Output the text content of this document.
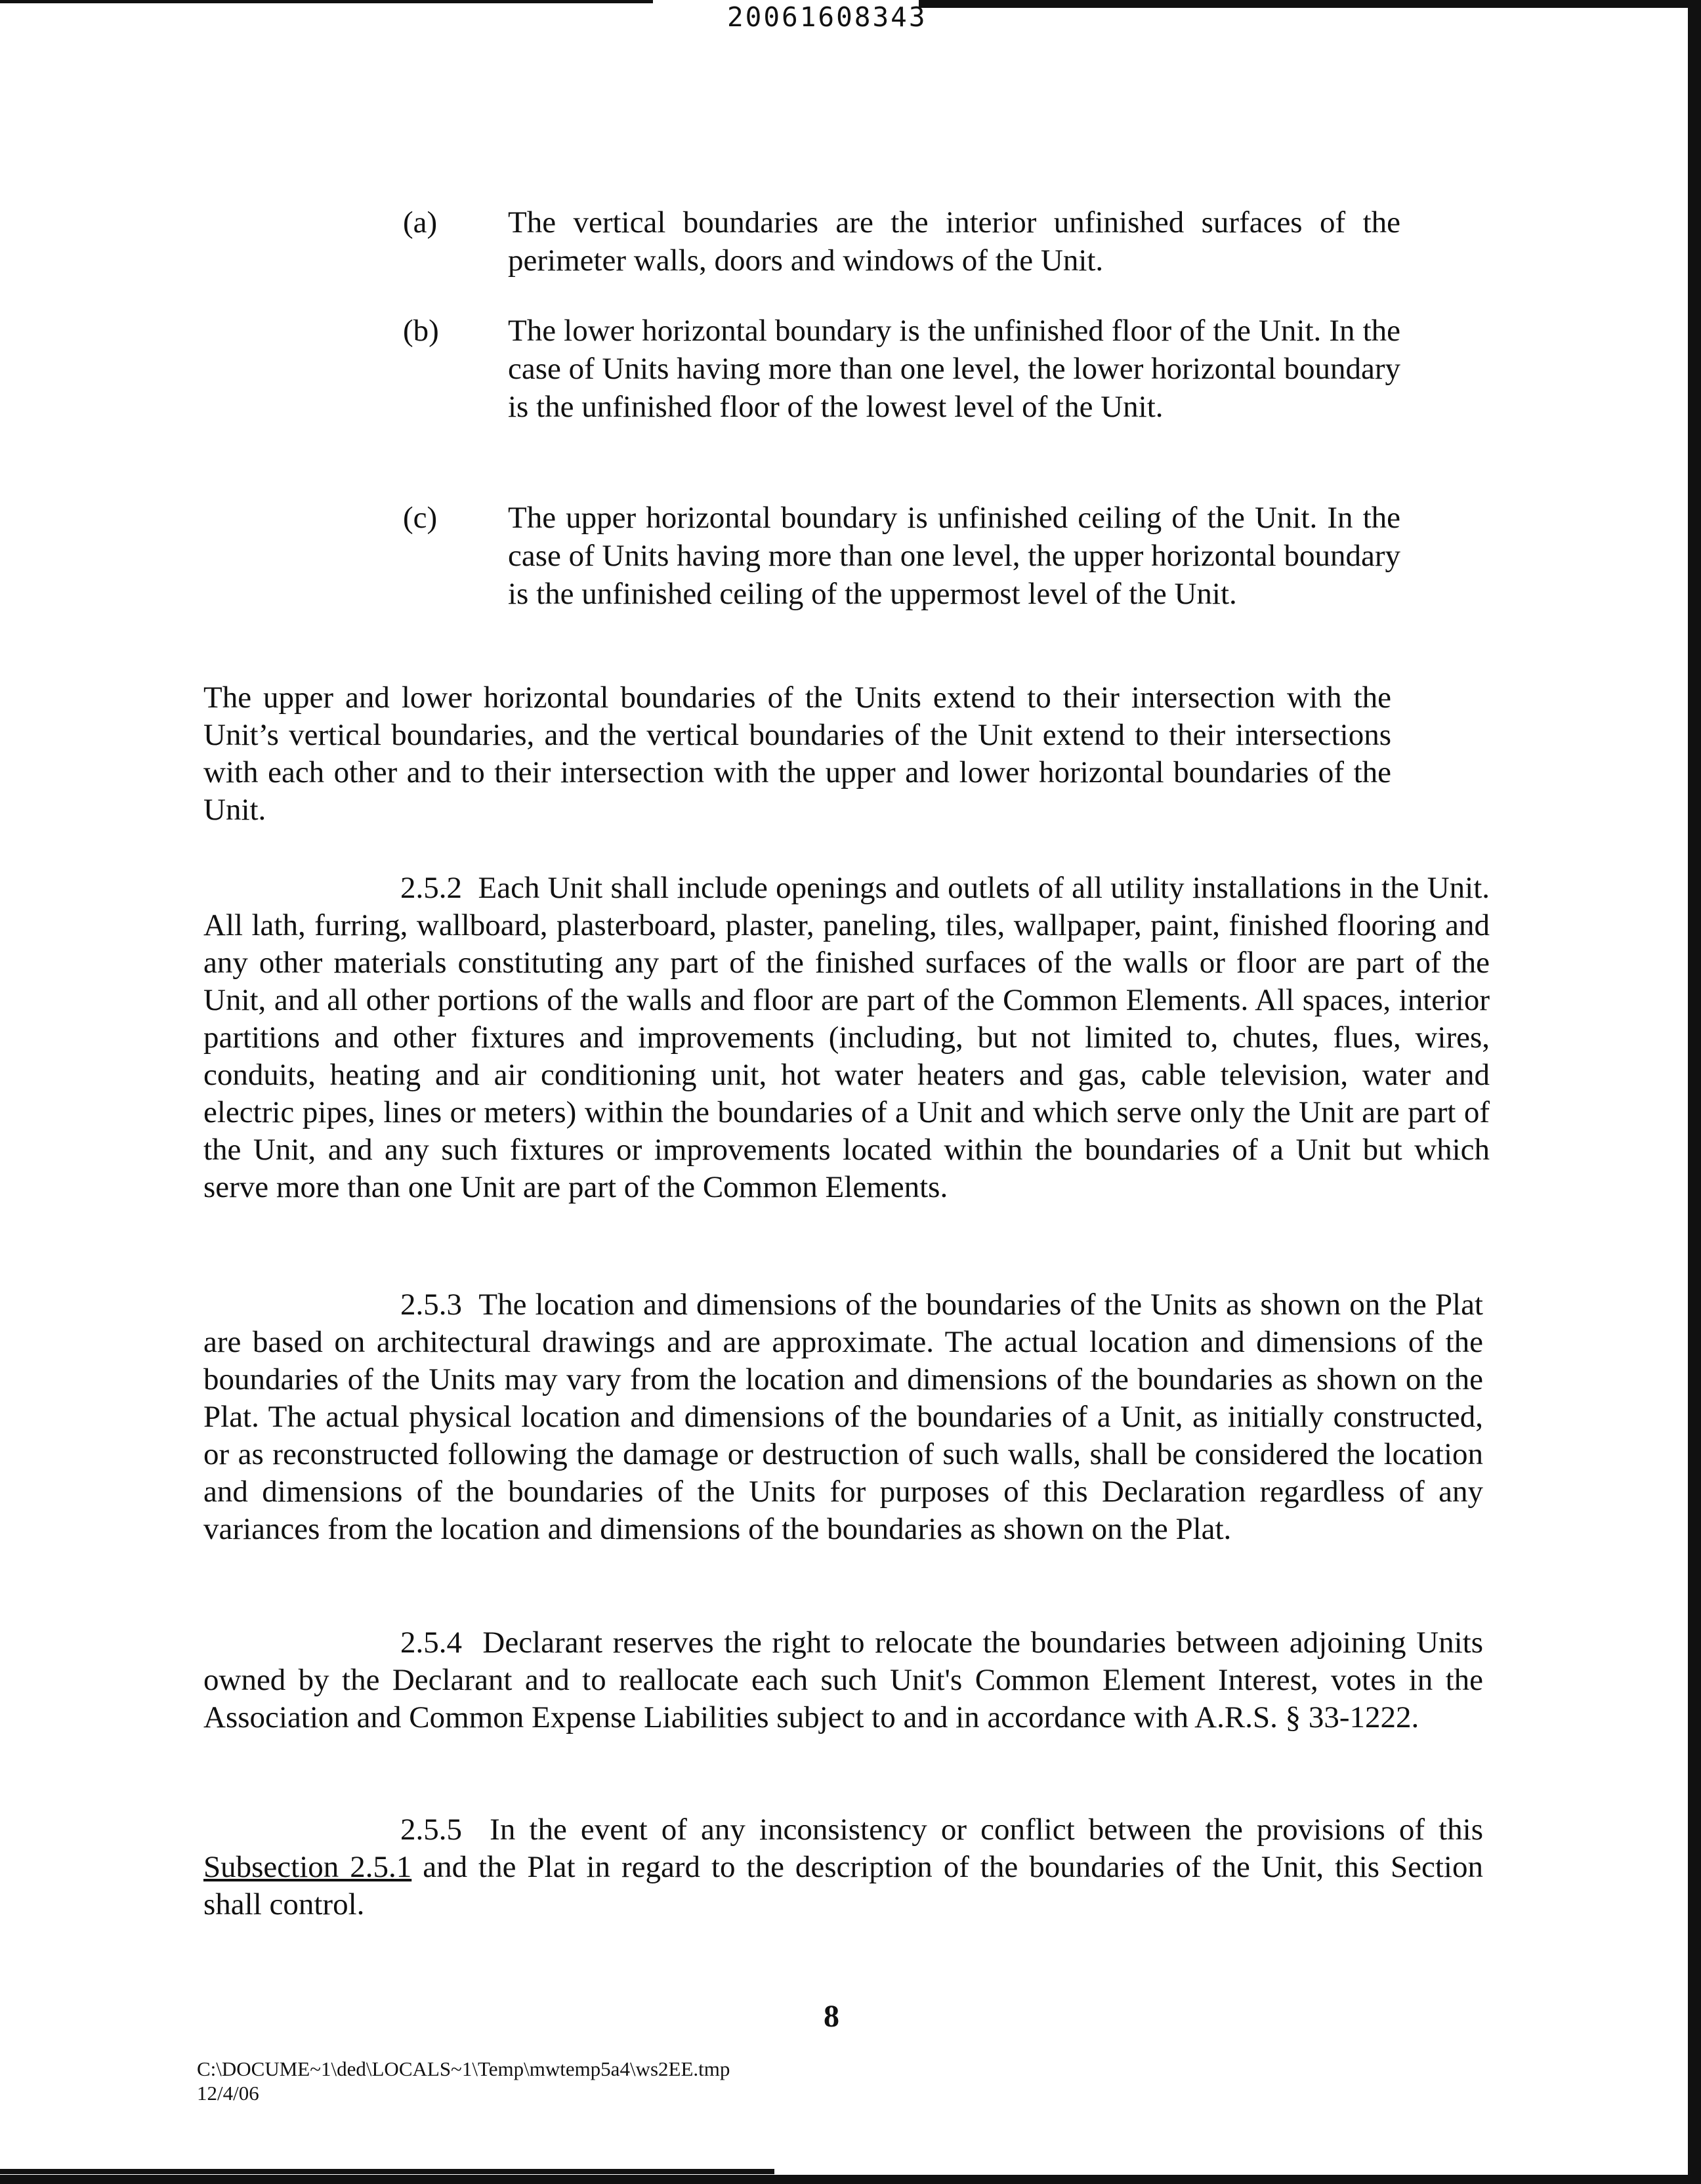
20061608343
(a)	The vertical boundaries are the interior unfinished surfaces of the perimeter walls, doors and windows of the Unit.
(b)	The lower horizontal boundary is the unfinished floor of the Unit. In the case of Units having more than one level, the lower horizontal boundary is the unfinished floor of the lowest level of the Unit.
(c)	The upper horizontal boundary is unfinished ceiling of the Unit. In the case of Units having more than one level, the upper horizontal boundary is the unfinished ceiling of the uppermost level of the Unit.
The upper and lower horizontal boundaries of the Units extend to their intersection with the Unit’s vertical boundaries, and the vertical boundaries of the Unit extend to their intersections with each other and to their intersection with the upper and lower horizontal boundaries of the Unit.
2.5.2 Each Unit shall include openings and outlets of all utility installations in the Unit. All lath, furring, wallboard, plasterboard, plaster, paneling, tiles, wallpaper, paint, finished flooring and any other materials constituting any part of the finished surfaces of the walls or floor are part of the Unit, and all other portions of the walls and floor are part of the Common Elements. All spaces, interior partitions and other fixtures and improvements (including, but not limited to, chutes, flues, wires, conduits, heating and air conditioning unit, hot water heaters and gas, cable television, water and electric pipes, lines or meters) within the boundaries of a Unit and which serve only the Unit are part of the Unit, and any such fixtures or improvements located within the boundaries of a Unit but which serve more than one Unit are part of the Common Elements.
2.5.3 The location and dimensions of the boundaries of the Units as shown on the Plat are based on architectural drawings and are approximate. The actual location and dimensions of the boundaries of the Units may vary from the location and dimensions of the boundaries as shown on the Plat. The actual physical location and dimensions of the boundaries of a Unit, as initially constructed, or as reconstructed following the damage or destruction of such walls, shall be considered the location and dimensions of the boundaries of the Units for purposes of this Declaration regardless of any variances from the location and dimensions of the boundaries as shown on the Plat.
2.5.4 Declarant reserves the right to relocate the boundaries between adjoining Units owned by the Declarant and to reallocate each such Unit's Common Element Interest, votes in the Association and Common Expense Liabilities subject to and in accordance with A.R.S. § 33-1222.
2.5.5 In the event of any inconsistency or conflict between the provisions of this Subsection 2.5.1 and the Plat in regard to the description of the boundaries of the Unit, this Section shall control.
8
C:\DOCUME~1\ded\LOCALS~1\Temp\mwtemp5a4\ws2EE.tmp
12/4/06
